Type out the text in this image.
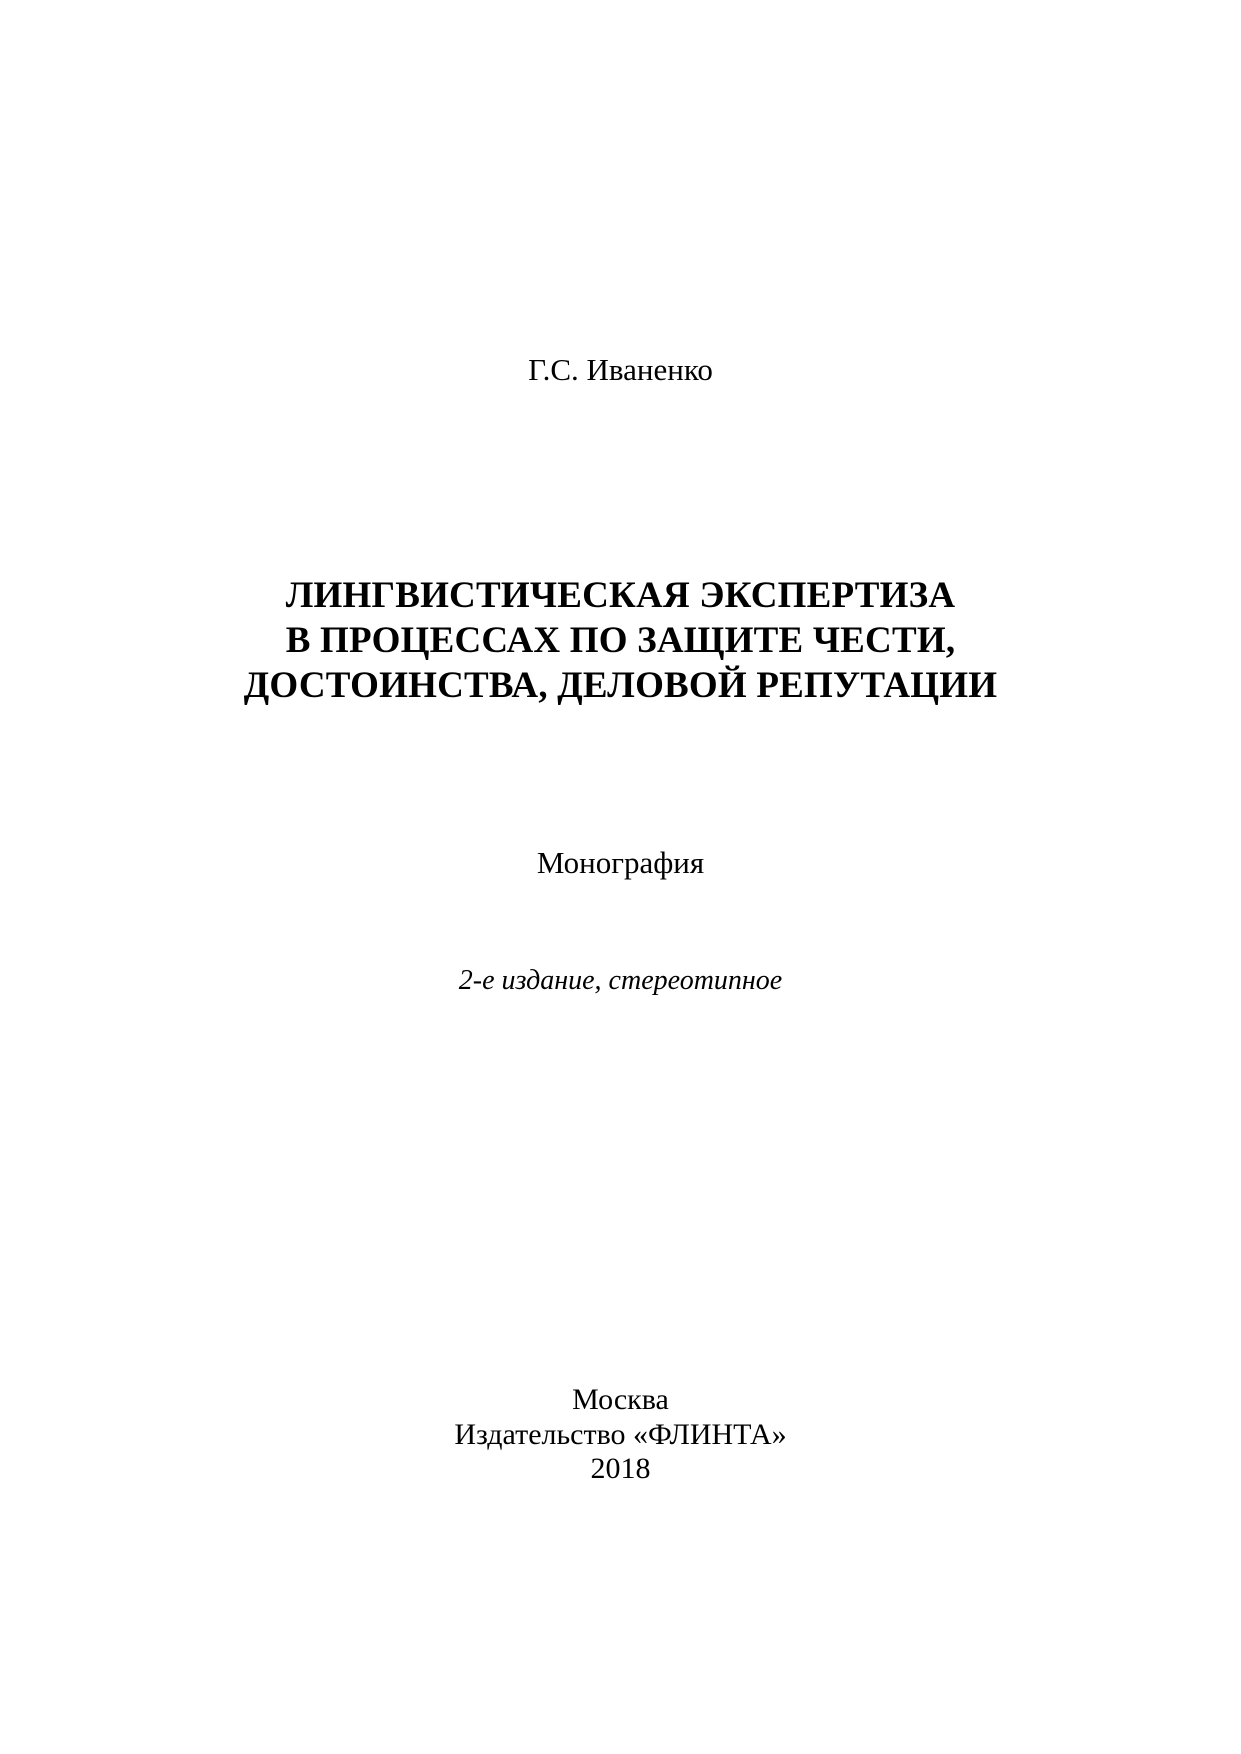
Г.С. Иваненко
ЛИНГВИСТИЧЕСКАЯ ЭКСПЕРТИЗА
В ПРОЦЕССАХ ПО ЗАЩИТЕ ЧЕСТИ,
ДОСТОИНСТВА, ДЕЛОВОЙ РЕПУТАЦИИ
Монография
2-е издание, стереотипное
Москва
Издательство «ФЛИНТА»
2018
